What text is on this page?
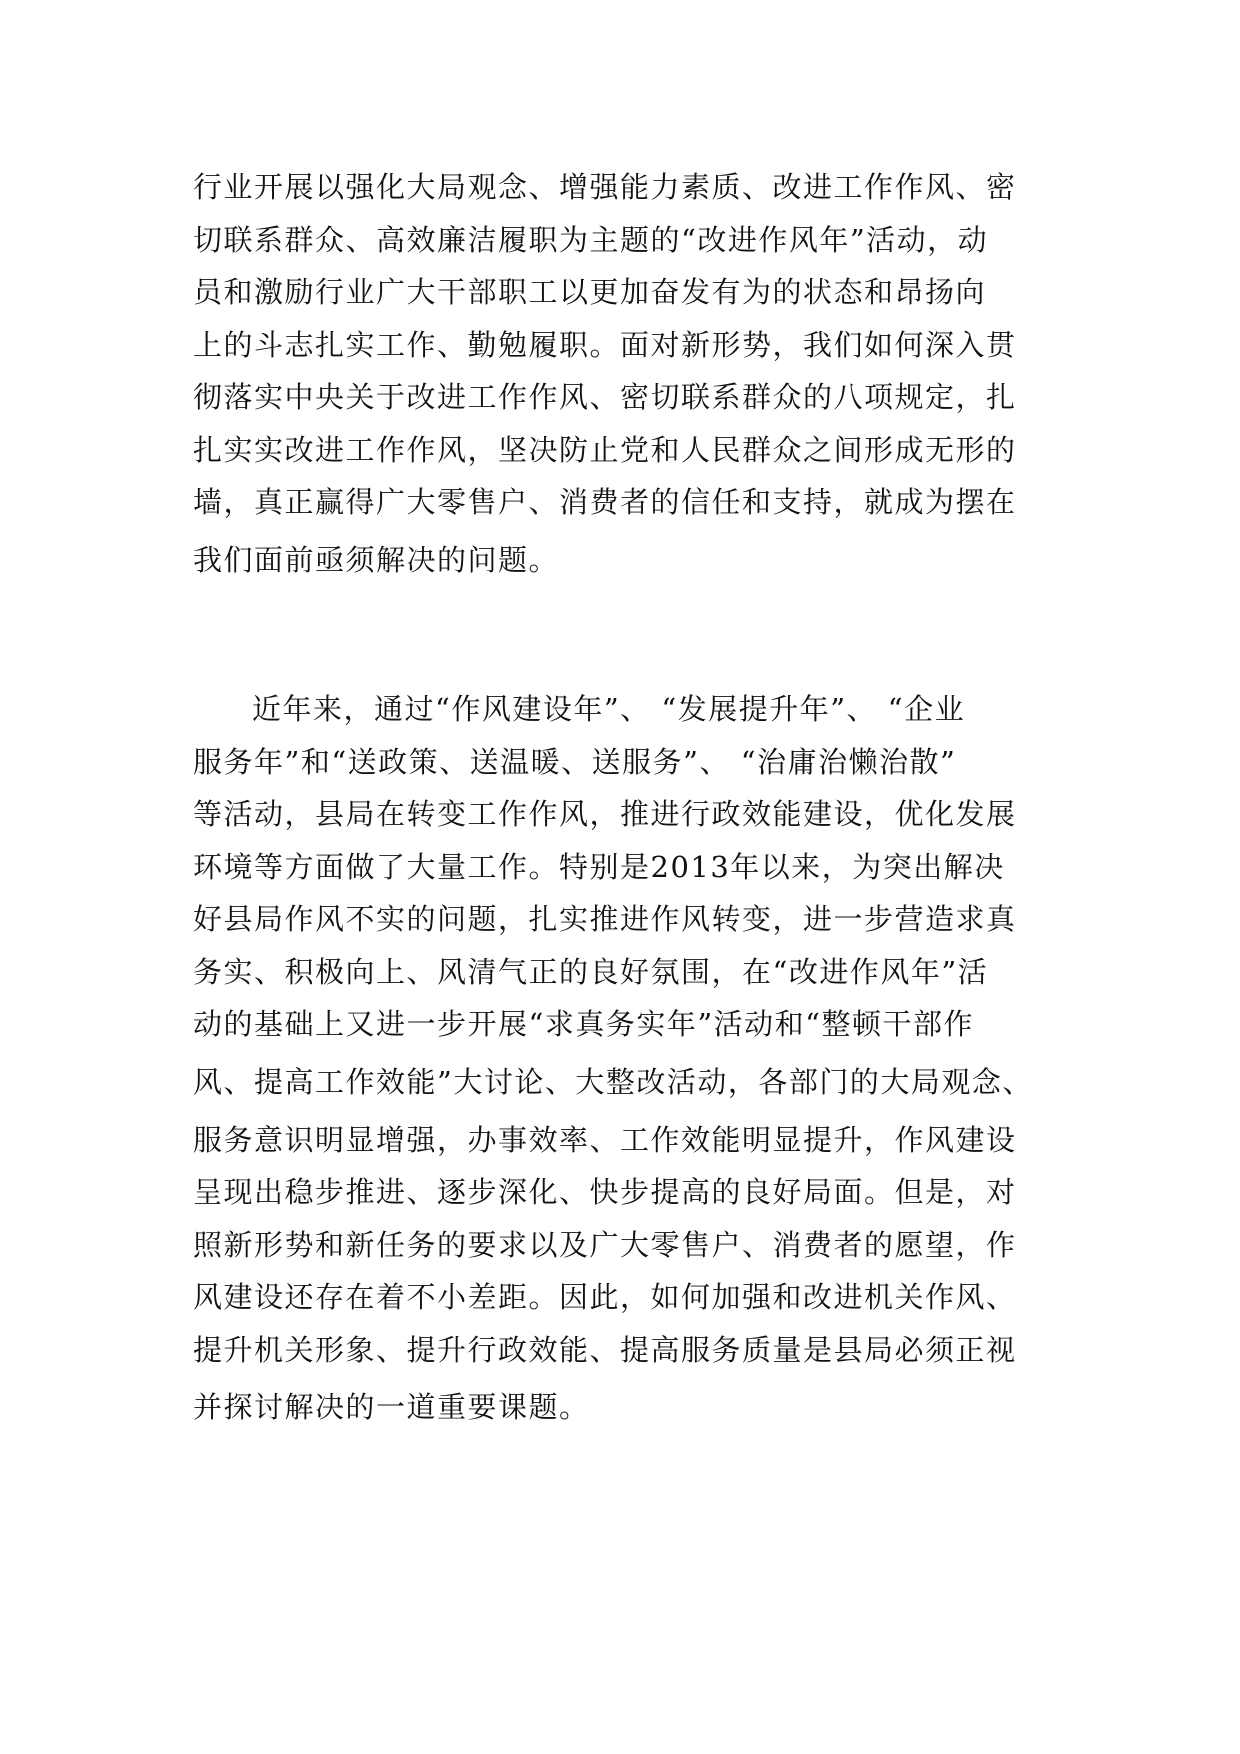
行业开展以强化大局观念、增强能力素质、改进工作作风、密
切联系群众、高效廉洁履职为主题的“改进作风年”活动，动
员和激励行业广大干部职工以更加奋发有为的状态和昂扬向
上的斗志扎实工作、勤勉履职。面对新形势，我们如何深入贯
彻落实中央关于改进工作作风、密切联系群众的八项规定，扎
扎实实改进工作作风，坚决防止党和人民群众之间形成无形的
墙，真正赢得广大零售户、消费者的信任和支持，就成为摆在
我们面前亟须解决的问题。
近年来，通过“作风建设年”、 “发展提升年”、 “企业
服务年”和“送政策、送温暖、送服务”、 “治庸治懒治散”
等活动，县局在转变工作作风，推进行政效能建设，优化发展
环境等方面做了大量工作。特别是2013年以来，为突出解决
好县局作风不实的问题，扎实推进作风转变，进一步营造求真
务实、积极向上、风清气正的良好氛围，在“改进作风年”活
动的基础上又进一步开展“求真务实年”活动和“整顿干部作
风、提高工作效能”大讨论、大整改活动，各部门的大局观念、
服务意识明显增强，办事效率、工作效能明显提升，作风建设
呈现出稳步推进、逐步深化、快步提高的良好局面。但是，对
照新形势和新任务的要求以及广大零售户、消费者的愿望，作
风建设还存在着不小差距。因此，如何加强和改进机关作风、
提升机关形象、提升行政效能、提高服务质量是县局必须正视
并探讨解决的一道重要课题。
